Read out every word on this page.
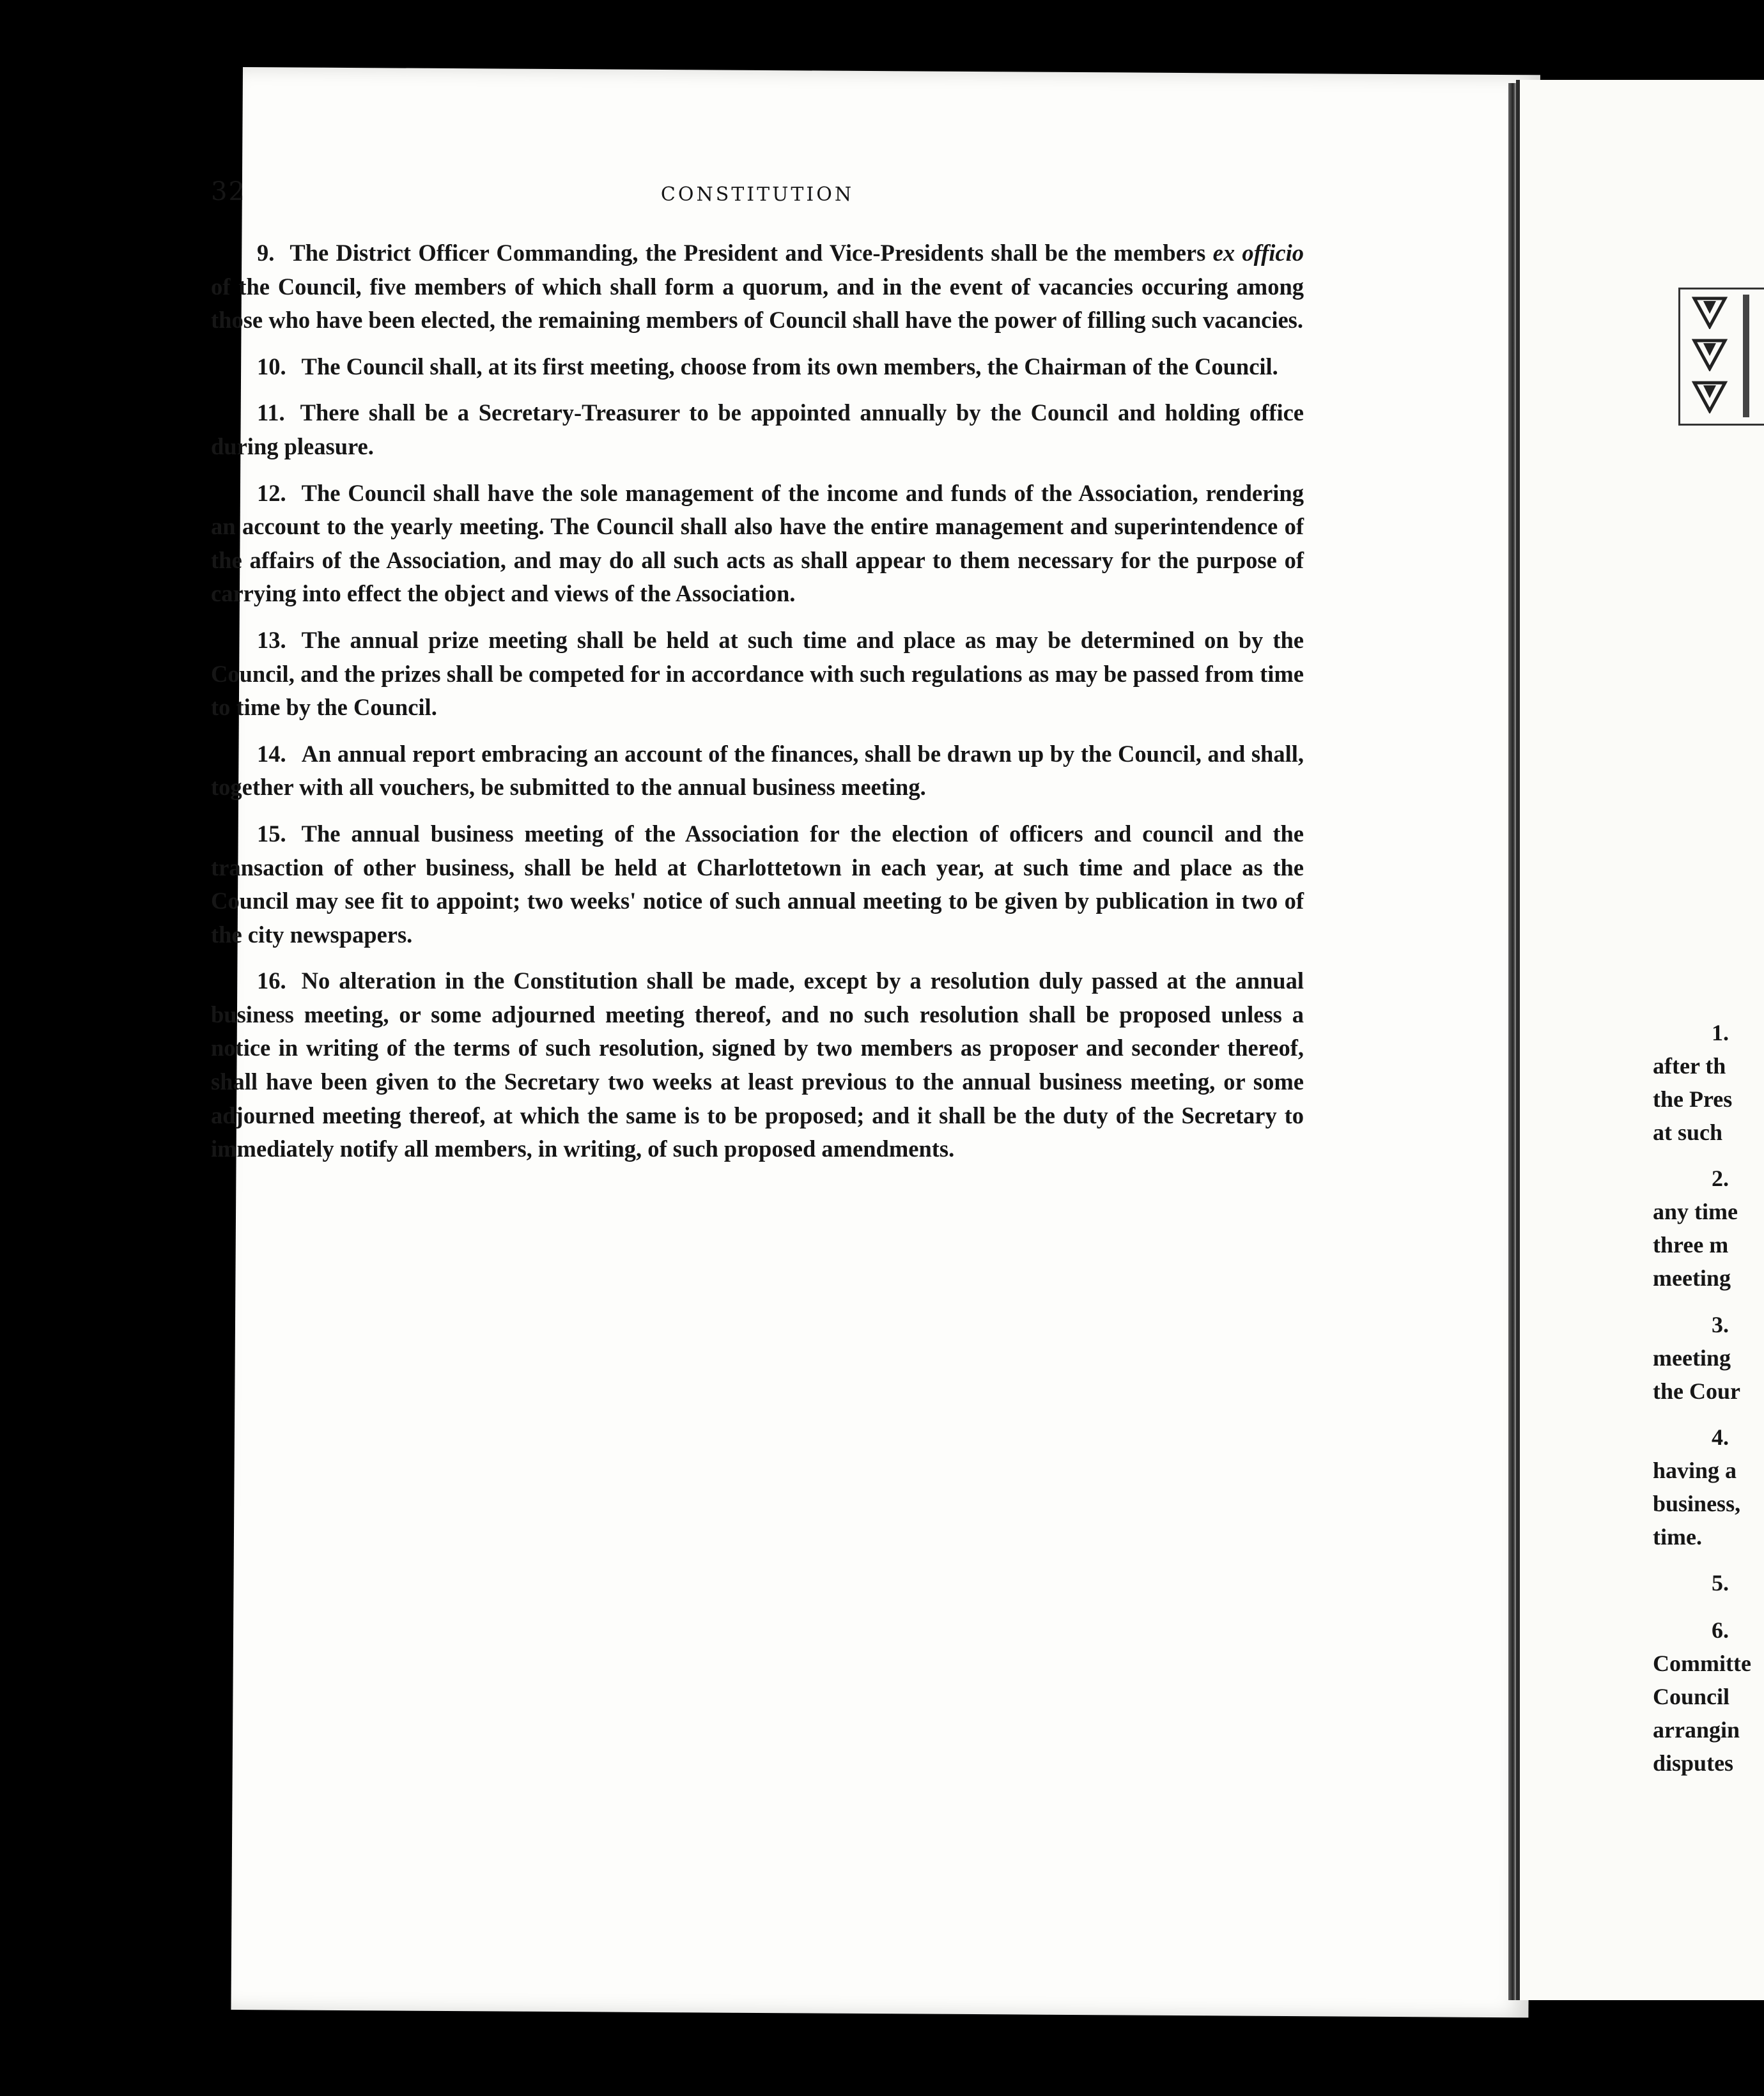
32	CONSTITUTION

9. The District Officer Commanding, the President and Vice-Presidents shall be the members ex officio of the Council, five members of which shall form a quorum, and in the event of vacancies occuring among those who have been elected, the remaining members of Council shall have the power of filling such vacancies.

10. The Council shall, at its first meeting, choose from its own members, the Chairman of the Council.

11. There shall be a Secretary-Treasurer to be appointed annually by the Council and holding office during pleasure.

12. The Council shall have the sole management of the income and funds of the Association, rendering an account to the yearly meeting. The Council shall also have the entire management and superintendence of the affairs of the Association, and may do all such acts as shall appear to them necessary for the purpose of carrying into effect the object and views of the Association.

13. The annual prize meeting shall be held at such time and place as may be determined on by the Council, and the prizes shall be competed for in accordance with such regulations as may be passed from time to time by the Council.

14. An annual report embracing an account of the finances, shall be drawn up by the Council, and shall, together with all vouchers, be submitted to the annual business meeting.

15. The annual business meeting of the Association for the election of officers and council and the transaction of other business, shall be held at Charlottetown in each year, at such time and place as the Council may see fit to appoint; two weeks' notice of such annual meeting to be given by publication in two of the city newspapers.

16. No alteration in the Constitution shall be made, except by a resolution duly passed at the annual business meeting, or some adjourned meeting thereof, and no such resolution shall be proposed unless a notice in writing of the terms of such resolution, signed by two members as proposer and seconder thereof, shall have been given to the Secretary two weeks at least previous to the annual business meeting, or some adjourned meeting thereof, at which the same is to be proposed; and it shall be the duty of the Secretary to immediately notify all members, in writing, of such proposed amendments.

1.
after th
the Pres
at such
2.
any time
three m
meeting
3.
meeting
the Cour
4.
having a
business,
time.
5.
6.
Committe
Council
arrangin
disputes
